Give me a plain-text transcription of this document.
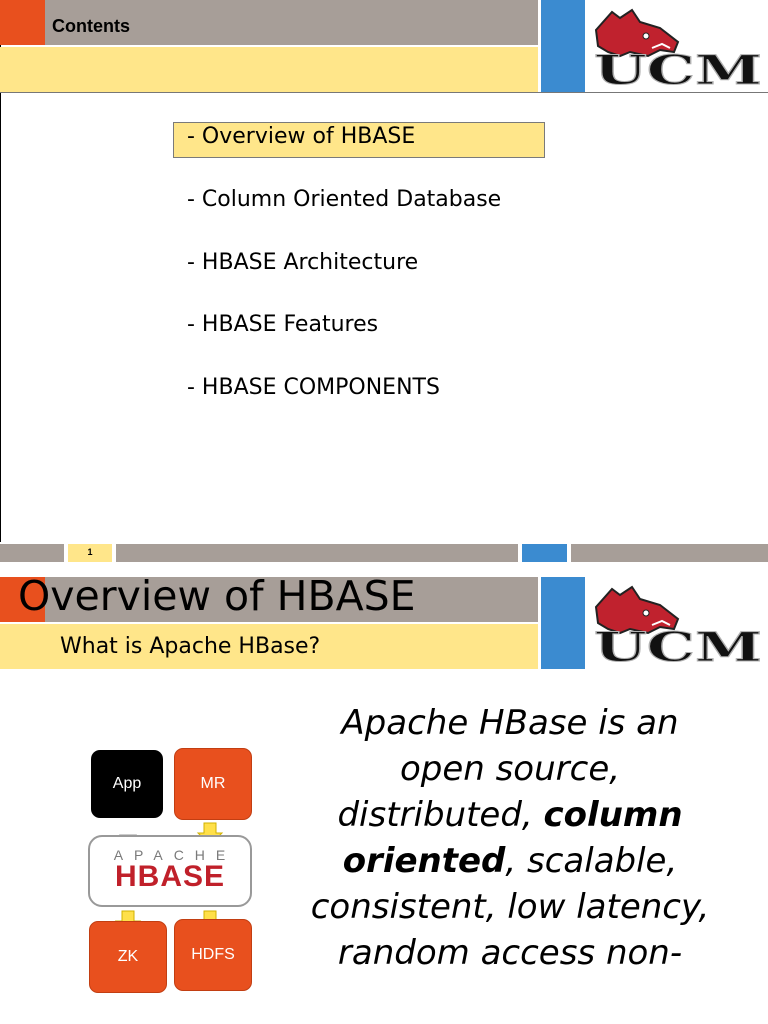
Contents
UCM
- Overview of HBASE
- Column Oriented Database
- HBASE Architecture
- HBASE Features
- HBASE COMPONENTS
1
Overview of HBASE
What is Apache HBase?	UCM
App	MR
APACHE
HBASE
ZK	HDFS
Apache HBase is an open source, distributed, column oriented, scalable, consistent, low latency, random access non-
